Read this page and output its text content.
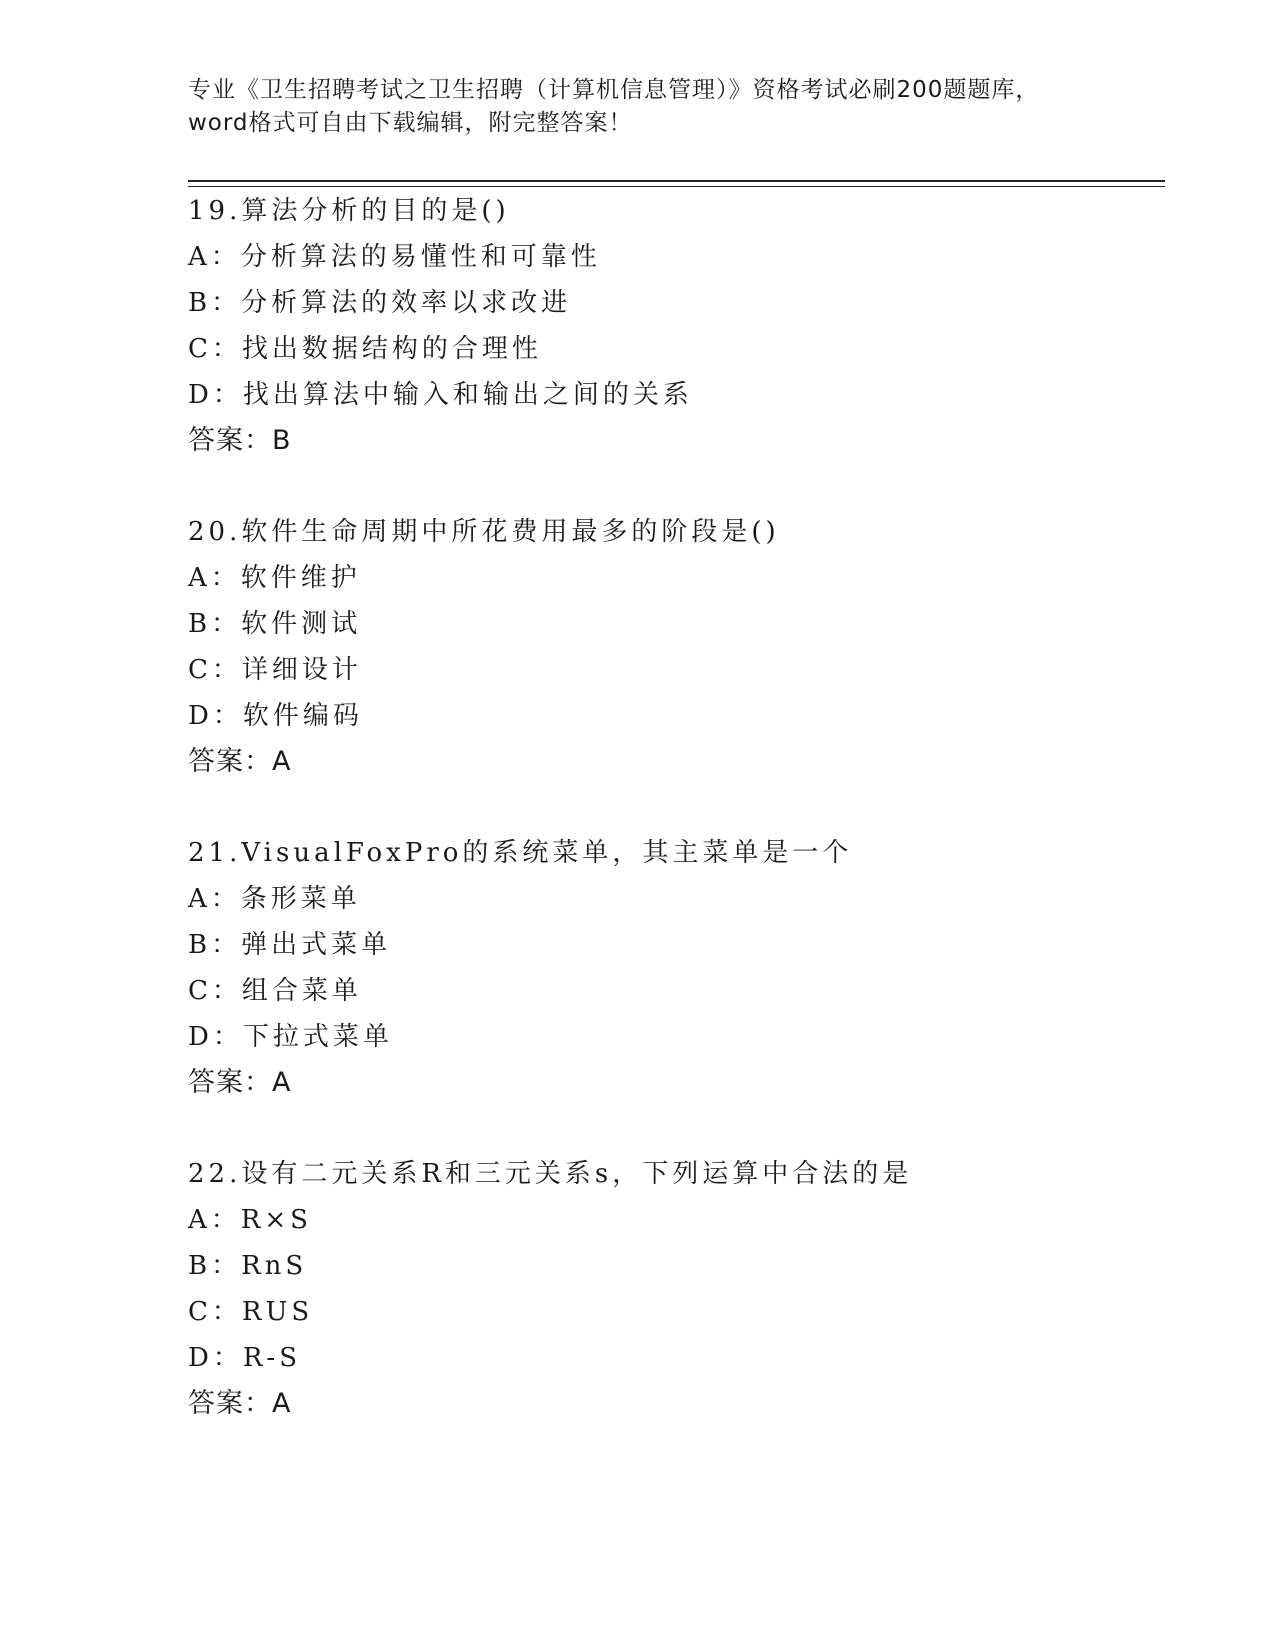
专业《卫生招聘考试之卫生招聘（计算机信息管理）》资格考试必刷200题题库，
word格式可自由下载编辑，附完整答案！
19.算法分析的目的是()
A：分析算法的易懂性和可靠性
B：分析算法的效率以求改进
C：找出数据结构的合理性
D：找出算法中输入和输出之间的关系
答案：B
20.软件生命周期中所花费用最多的阶段是()
A：软件维护
B：软件测试
C：详细设计
D：软件编码
答案：A
21.VisualFoxPro的系统菜单，其主菜单是一个
A：条形菜单
B：弹出式菜单
C：组合菜单
D：下拉式菜单
答案：A
22.设有二元关系R和三元关系s，下列运算中合法的是
A：R×S
B：RnS
C：RUS
D：R-S
答案：A
